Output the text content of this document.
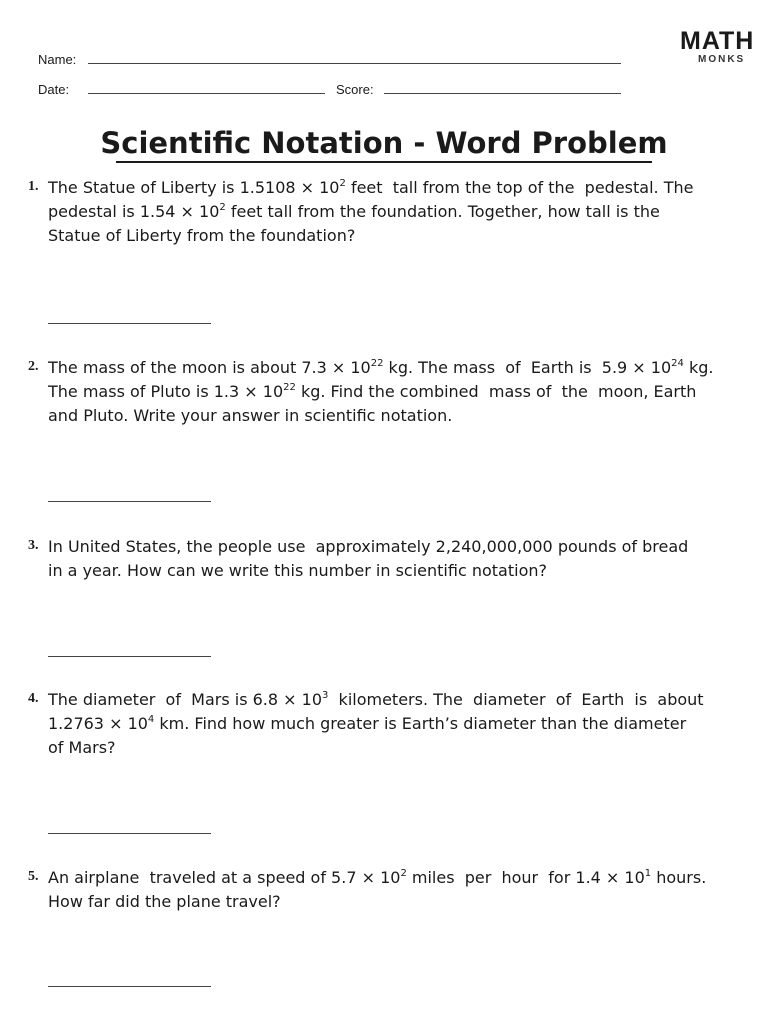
MATH
MONKS
Name:
Date:	Score:
Scientific Notation - Word Problem
1. The Statue of Liberty is $1.5108 \times 10^2$ feet  tall from the top of the  pedestal. The
pedestal is $1.54 \times 10^2$ feet tall from the foundation. Together, how tall is the
Statue of Liberty from the foundation?
2. The mass of the moon is about $7.3 \times 10^{22}$ kg. The mass  of  Earth is  $5.9 \times 10^{24}$ kg.
The mass of Pluto is $1.3 \times 10^{22}$ kg. Find the combined  mass of  the  moon, Earth
and Pluto. Write your answer in scientific notation.
3. In United States, the people use  approximately 2,240,000,000 pounds of bread
in a year. How can we write this number in scientific notation?
4. The diameter  of  Mars is $6.8 \times 10^3$  kilometers. The  diameter  of  Earth  is  about
$1.2763 \times 10^4$ km. Find how much greater is Earth’s diameter than the diameter
of Mars?
5. An airplane  traveled at a speed of $5.7 \times 10^2$ miles  per  hour  for $1.4 \times 10^1$ hours.
How far did the plane travel?
